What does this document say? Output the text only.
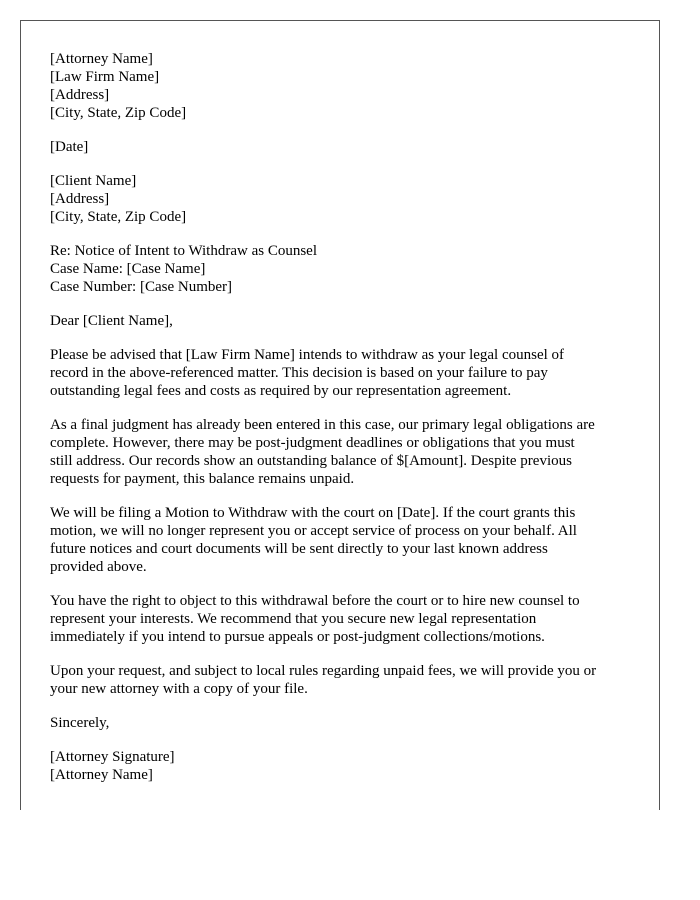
[Attorney Name]
[Law Firm Name]
[Address]
[City, State, Zip Code]
[Date]
[Client Name]
[Address]
[City, State, Zip Code]
Re: Notice of Intent to Withdraw as Counsel
Case Name: [Case Name]
Case Number: [Case Number]
Dear [Client Name],
Please be advised that [Law Firm Name] intends to withdraw as your legal counsel of
record in the above-referenced matter. This decision is based on your failure to pay
outstanding legal fees and costs as required by our representation agreement.
As a final judgment has already been entered in this case, our primary legal obligations are
complete. However, there may be post-judgment deadlines or obligations that you must
still address. Our records show an outstanding balance of $[Amount]. Despite previous
requests for payment, this balance remains unpaid.
We will be filing a Motion to Withdraw with the court on [Date]. If the court grants this
motion, we will no longer represent you or accept service of process on your behalf. All
future notices and court documents will be sent directly to your last known address
provided above.
You have the right to object to this withdrawal before the court or to hire new counsel to
represent your interests. We recommend that you secure new legal representation
immediately if you intend to pursue appeals or post-judgment collections/motions.
Upon your request, and subject to local rules regarding unpaid fees, we will provide you or
your new attorney with a copy of your file.
Sincerely,
[Attorney Signature]
[Attorney Name]
